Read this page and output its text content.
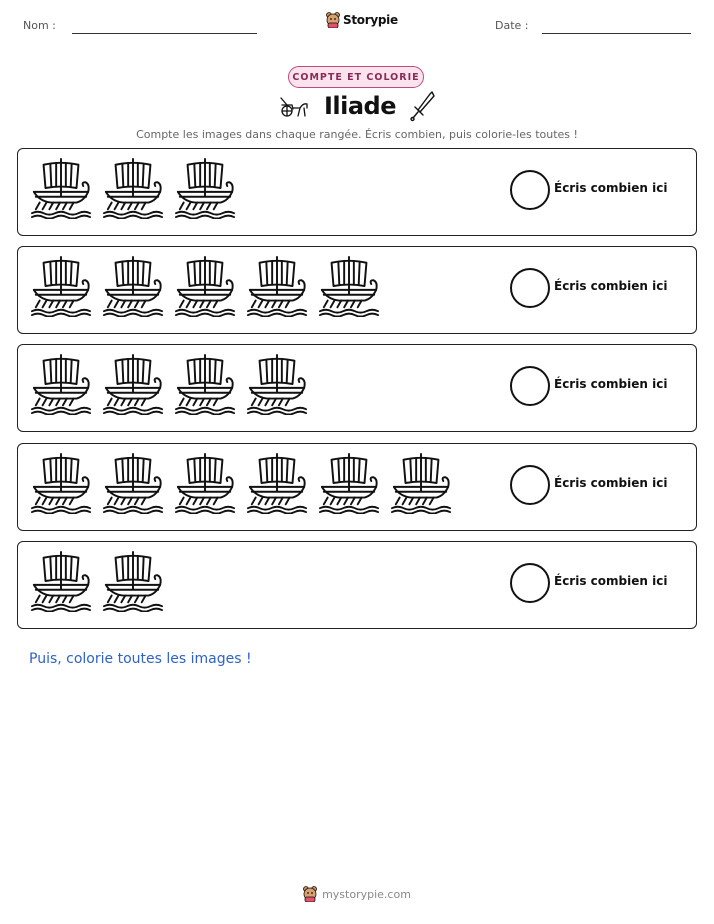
Nom :	Storypie	Date :
COMPTE ET COLORIE
Iliade
Compte les images dans chaque rangée. Écris combien, puis colorie-les toutes !
Écris combien ici
Écris combien ici
Écris combien ici
Écris combien ici
Écris combien ici
Puis, colorie toutes les images !
mystorypie.com
